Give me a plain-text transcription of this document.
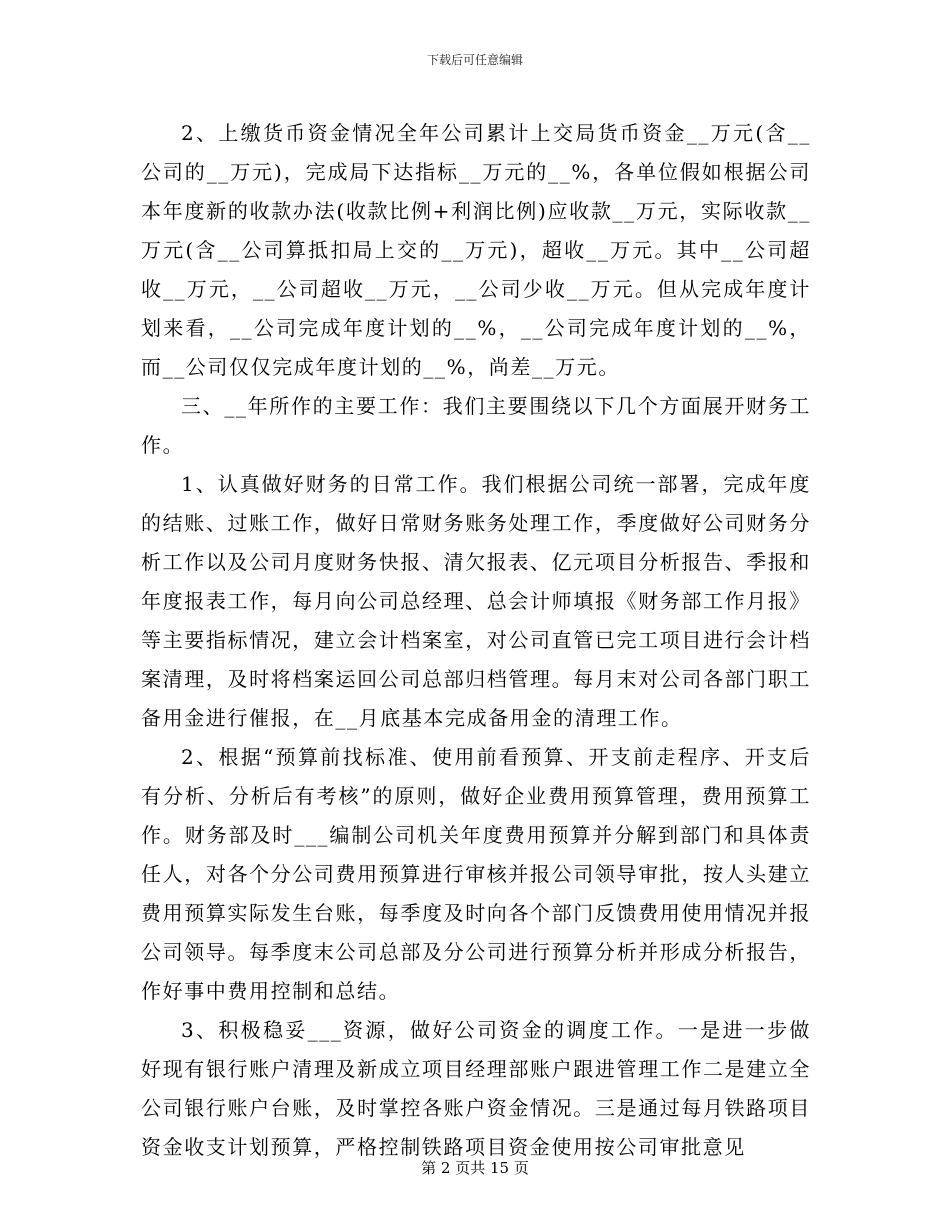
下载后可任意编辑

2、上缴货币资金情况全年公司累计上交局货币资金__万元(含__公司的__万元)，完成局下达指标__万元的__%，各单位假如根据公司本年度新的收款办法(收款比例+利润比例)应收款__万元，实际收款__万元(含__公司算抵扣局上交的__万元)，超收__万元。其中__公司超收__万元，__公司超收__万元，__公司少收__万元。但从完成年度计划来看，__公司完成年度计划的__%，__公司完成年度计划的__%，而__公司仅仅完成年度计划的__%，尚差__万元。

三、__年所作的主要工作：我们主要围绕以下几个方面展开财务工作。

1、认真做好财务的日常工作。我们根据公司统一部署，完成年度的结账、过账工作，做好日常财务账务处理工作，季度做好公司财务分析工作以及公司月度财务快报、清欠报表、亿元项目分析报告、季报和年度报表工作，每月向公司总经理、总会计师填报《财务部工作月报》等主要指标情况，建立会计档案室，对公司直管已完工项目进行会计档案清理，及时将档案运回公司总部归档管理。每月末对公司各部门职工备用金进行催报，在__月底基本完成备用金的清理工作。

2、根据“预算前找标准、使用前看预算、开支前走程序、开支后有分析、分析后有考核”的原则，做好企业费用预算管理，费用预算工作。财务部及时___编制公司机关年度费用预算并分解到部门和具体责任人，对各个分公司费用预算进行审核并报公司领导审批，按人头建立费用预算实际发生台账，每季度及时向各个部门反馈费用使用情况并报公司领导。每季度末公司总部及分公司进行预算分析并形成分析报告，作好事中费用控制和总结。

3、积极稳妥___资源，做好公司资金的调度工作。一是进一步做好现有银行账户清理及新成立项目经理部账户跟进管理工作二是建立全公司银行账户台账，及时掌控各账户资金情况。三是通过每月铁路项目资金收支计划预算，严格控制铁路项目资金使用按公司审批意见

第 2 页共 15 页
